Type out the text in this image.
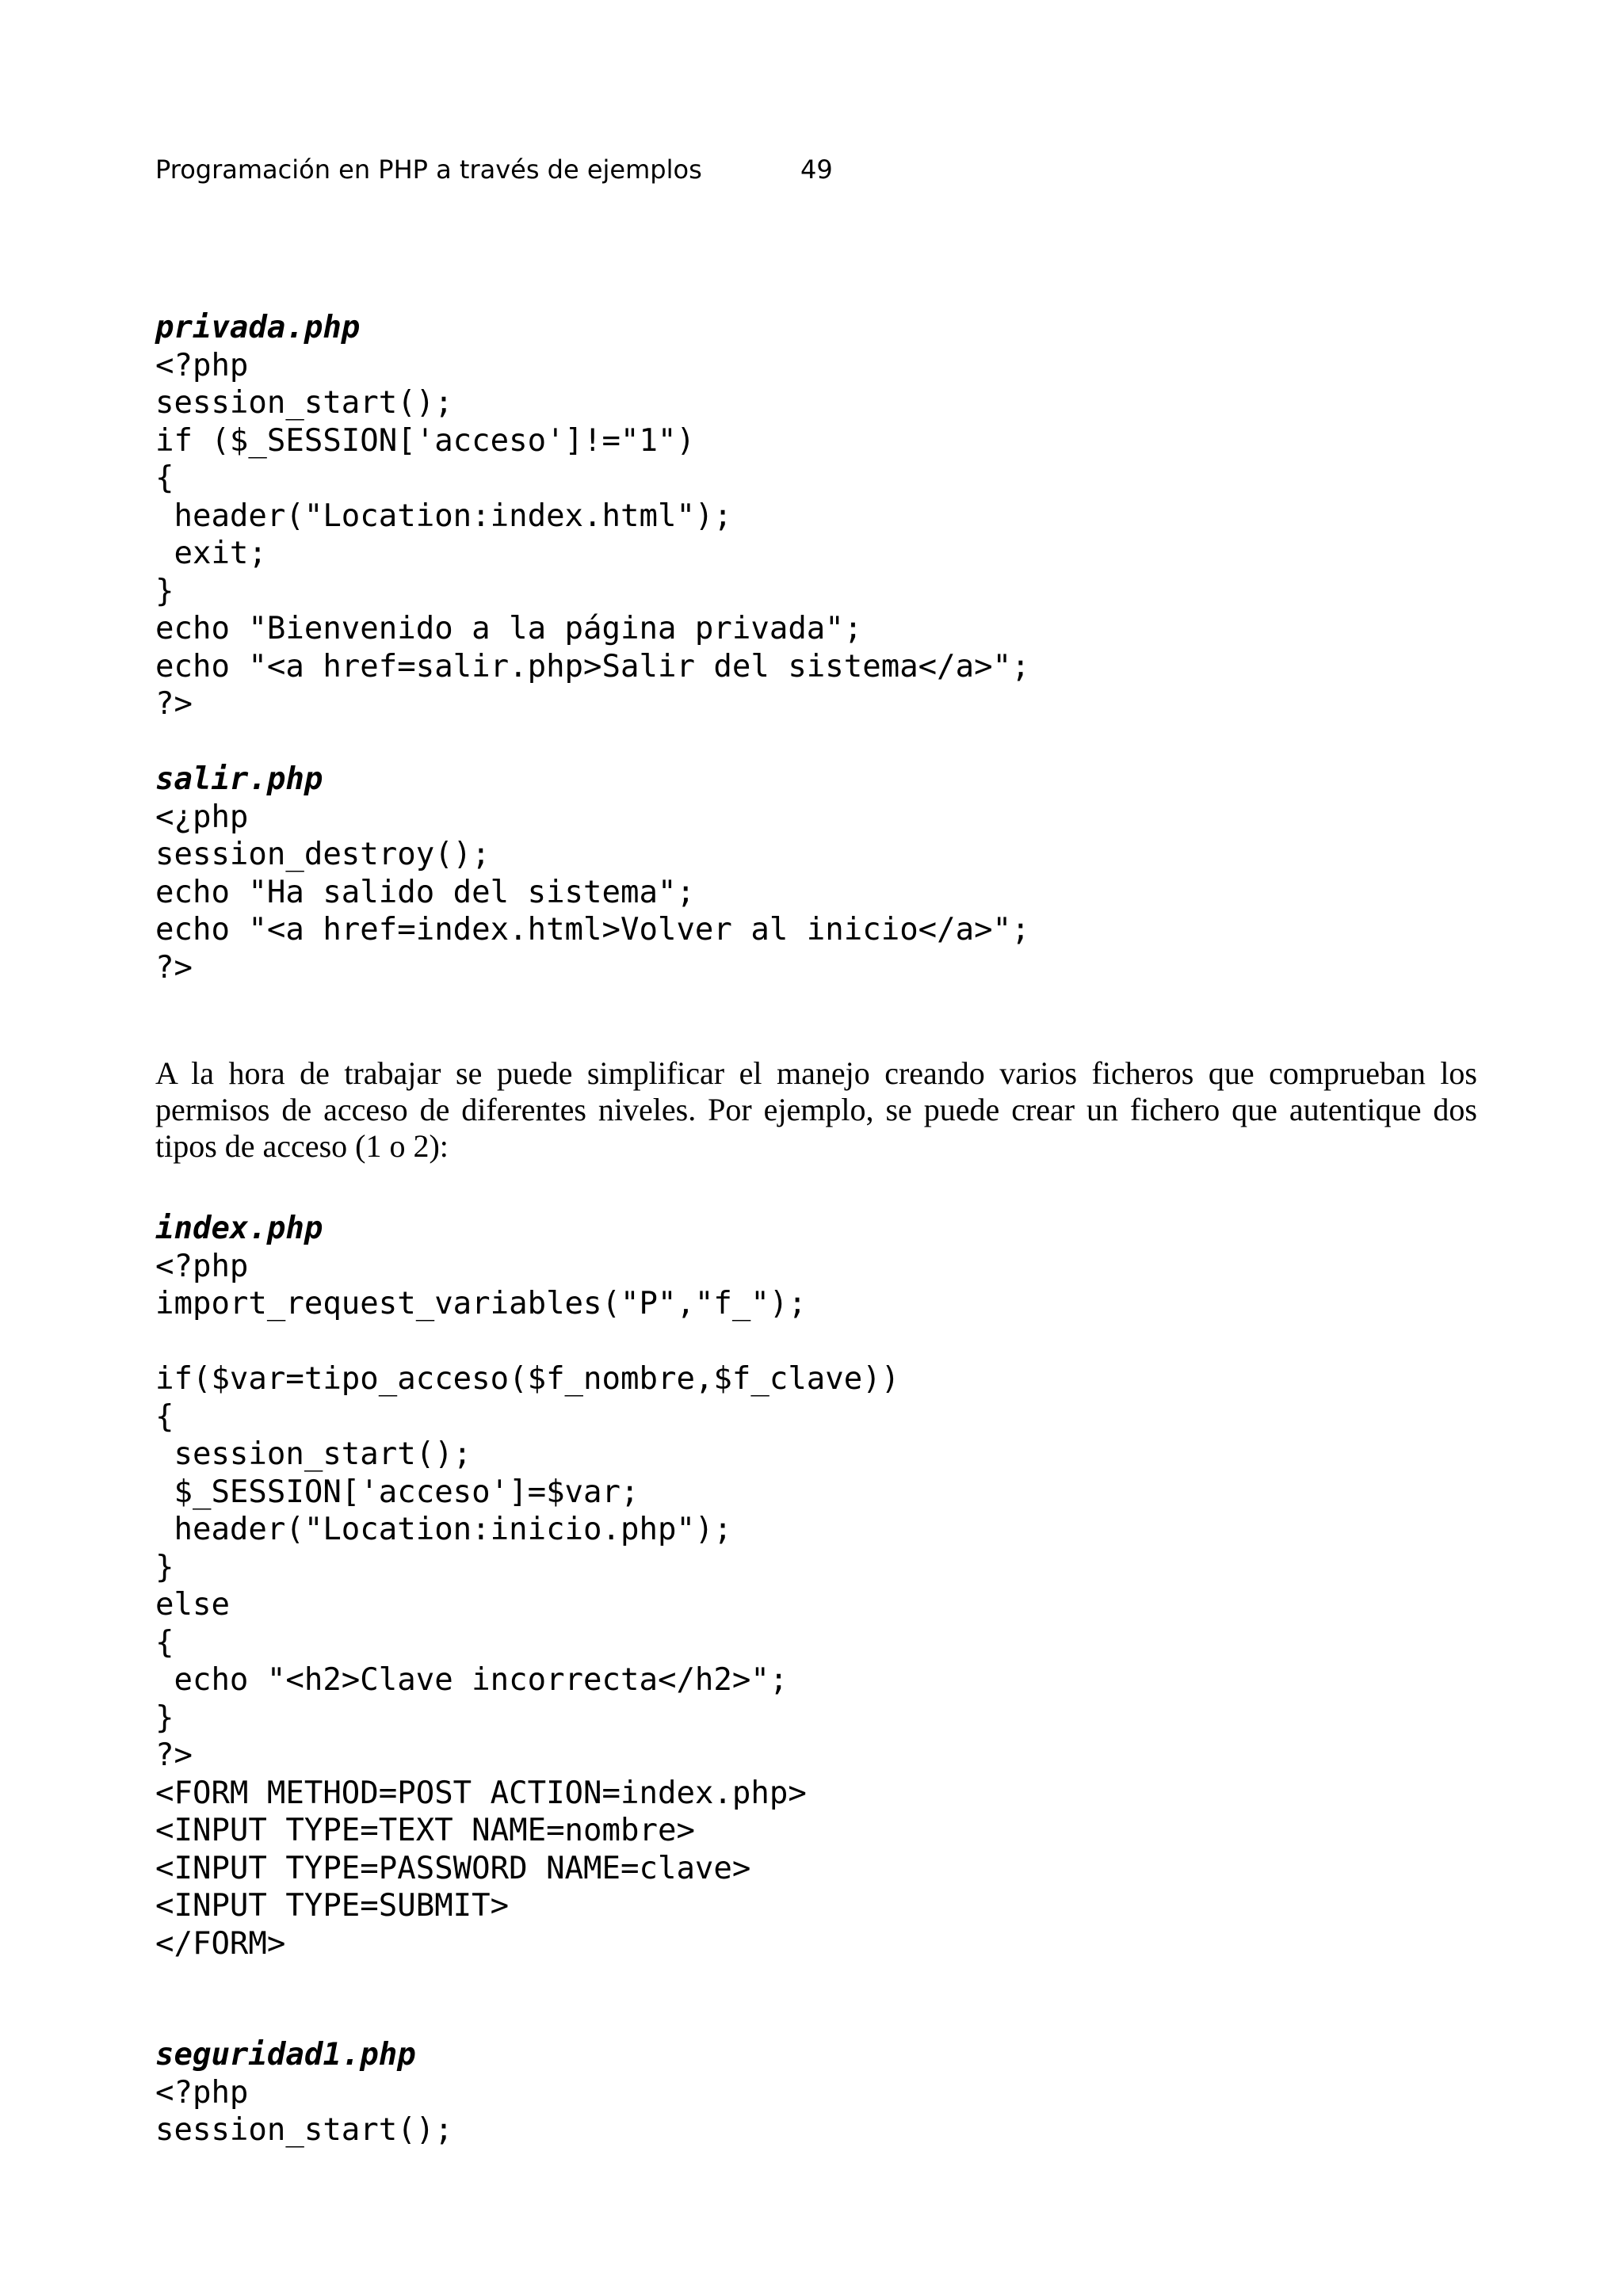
Programación en PHP a través de ejemplos	49
privada.php
<?php
session_start();
if ($_SESSION['acceso']!="1")
{
header("Location:index.html");
exit;
}
echo "Bienvenido a la página privada";
echo "<a href=salir.php>Salir del sistema</a>";
?>
salir.php
<¿php
session_destroy();
echo "Ha salido del sistema";
echo "<a href=index.html>Volver al inicio</a>";
?>
A la hora de trabajar se puede simplificar el manejo creando varios ficheros que comprueban los permisos de acceso de diferentes niveles. Por ejemplo, se puede crear un fichero que autentique dos tipos de acceso (1 o 2):
index.php
<?php
import_request_variables("P","f_");
if($var=tipo_acceso($f_nombre,$f_clave))
{
session_start();
$_SESSION['acceso']=$var;
header("Location:inicio.php");
}
else
{
echo "<h2>Clave incorrecta</h2>";
}
?>
<FORM METHOD=POST ACTION=index.php>
<INPUT TYPE=TEXT NAME=nombre>
<INPUT TYPE=PASSWORD NAME=clave>
<INPUT TYPE=SUBMIT>
</FORM>
seguridad1.php
<?php
session_start();
